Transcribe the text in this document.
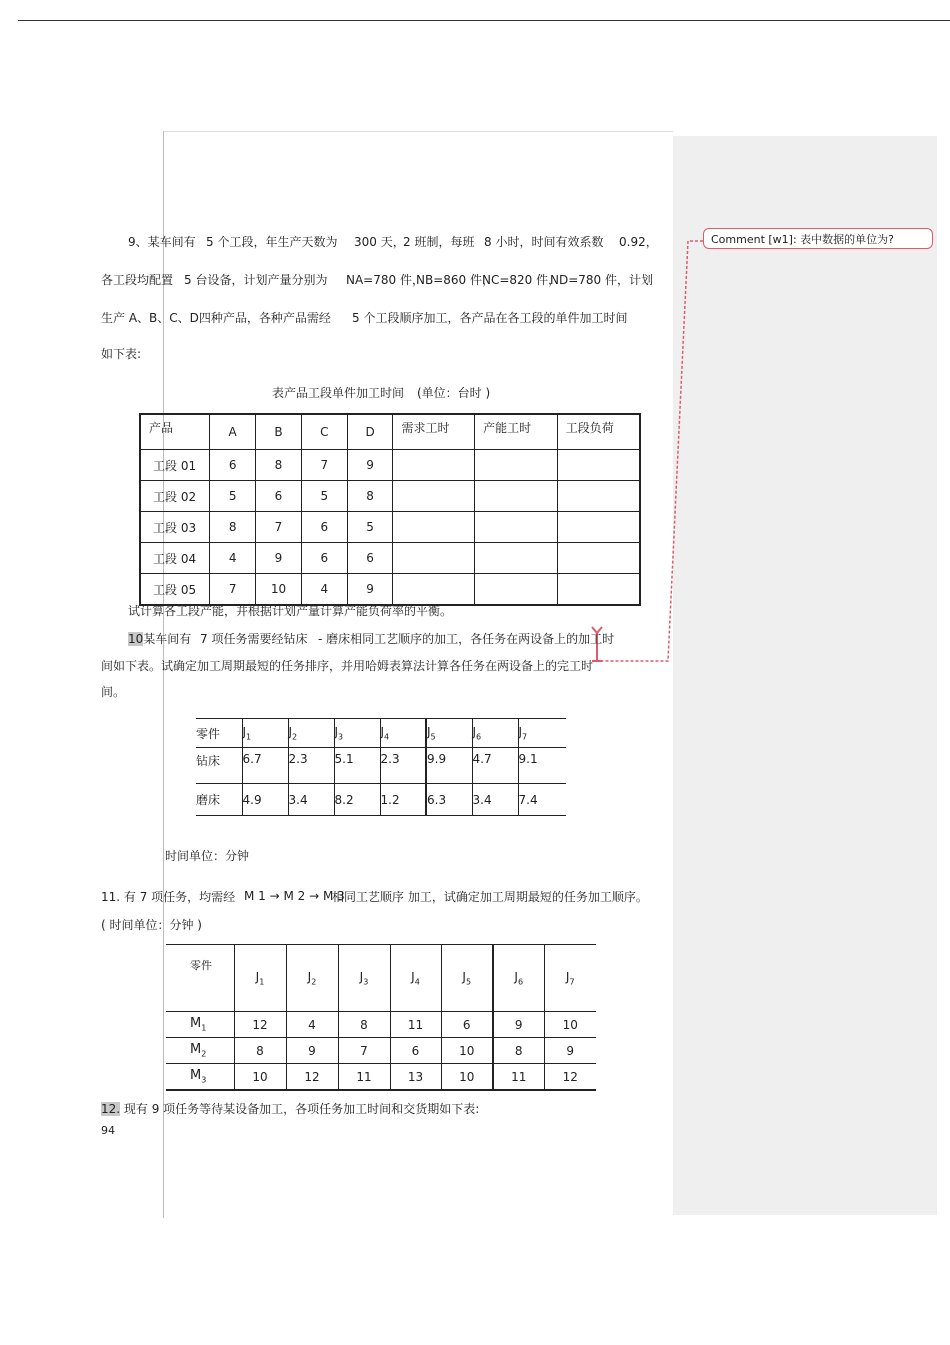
Comment [w1]: 表中数据的单位为?
9、某车间有 5 个工段，年生产天数为 300 天，
2 班制，每班 8 小时，时间有效系数 0.92，
各工段均配置 5 台设备，计划产量分别为 NA=780 件，
NB=860 件，
NC=820 件，
ND=780 件，计划
生产 A、B、C、D四种产品，各种产品需经 5 个工段顺序加工，各产品在各工段的单件加工时间
如下表:
表产品工段单件加工时间 (单位：台时 )
产品	A	B	C	D	需求工时	产能工时	工段负荷
工段 01	6	8	7	9			
工段 02	5	6	5	8			
工段 03	8	7	6	5			
工段 04	4	9	6	6			
工段 05	7	10	4	9			
试计算各工段产能，并根据计划产量计算产能负荷率的平衡。
10某车间有 7 项任务需要经钻床 - 磨床相同工艺顺序的加工，各任务在两设备上的加工时
间如下表。试确定加工周期最短的任务排序，并用哈姆表算法计算各任务在两设备上的完工时
间。
零件	$J_1$	$J_2$	$J_3$	$J_4$	$J_5$	$J_6$	$J_7$
钻床	6.7	2.3	5.1	2.3	9.9	4.7	9.1
磨床	4.9	3.4	8.2	1.2	6.3	3.4	7.4
时间单位：分钟
11. 有 7 项任务，均需经 M 1 → M 2 → M 3
相同工艺顺序 加工，试确定加工周期最短的任务加工顺序。
( 时间单位：分钟 )
零件	$J_1$	$J_2$	$J_3$	$J_4$	$J_5$	$J_6$	$J_7$
$M_1$	12	4	8	11	6	9	10
$M_2$	8	9	7	6	10	8	9
$M_3$	10	12	11	13	10	11	12
12. 现有 9 项任务等待某设备加工，各项任务加工时间和交货期如下表:
94
